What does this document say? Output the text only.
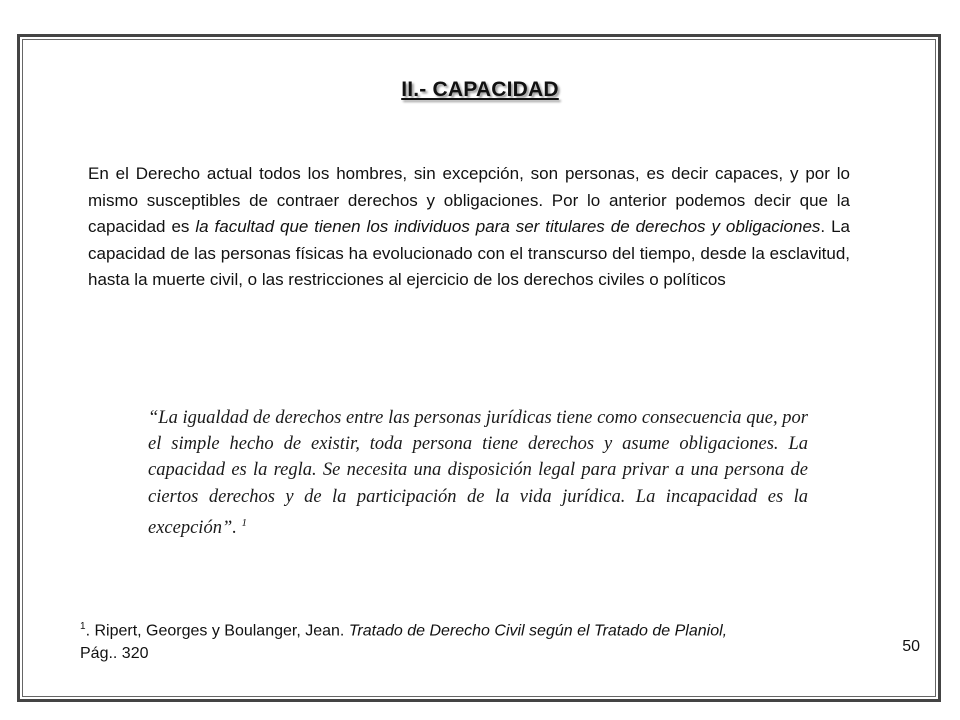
II.- CAPACIDAD

En el Derecho actual todos los hombres, sin excepción, son personas, es decir capaces, y por lo mismo susceptibles de contraer derechos y obligaciones. Por lo anterior podemos decir que la capacidad es la facultad que tienen los individuos para ser titulares de derechos y obligaciones. La capacidad de las personas físicas ha evolucionado con el transcurso del tiempo, desde la esclavitud, hasta la muerte civil, o las restricciones al ejercicio de los derechos civiles o políticos

“La igualdad de derechos entre las personas jurídicas tiene como consecuencia que, por el simple hecho de existir, toda persona tiene derechos y asume obligaciones. La capacidad es la regla. Se necesita una disposición legal para privar a una persona de ciertos derechos y de la participación de la vida jurídica. La incapacidad es la excepción”. $^1$

$^1$. Ripert, Georges y Boulanger, Jean. Tratado de Derecho Civil según el Tratado de Planiol,
Pág.. 320	50
